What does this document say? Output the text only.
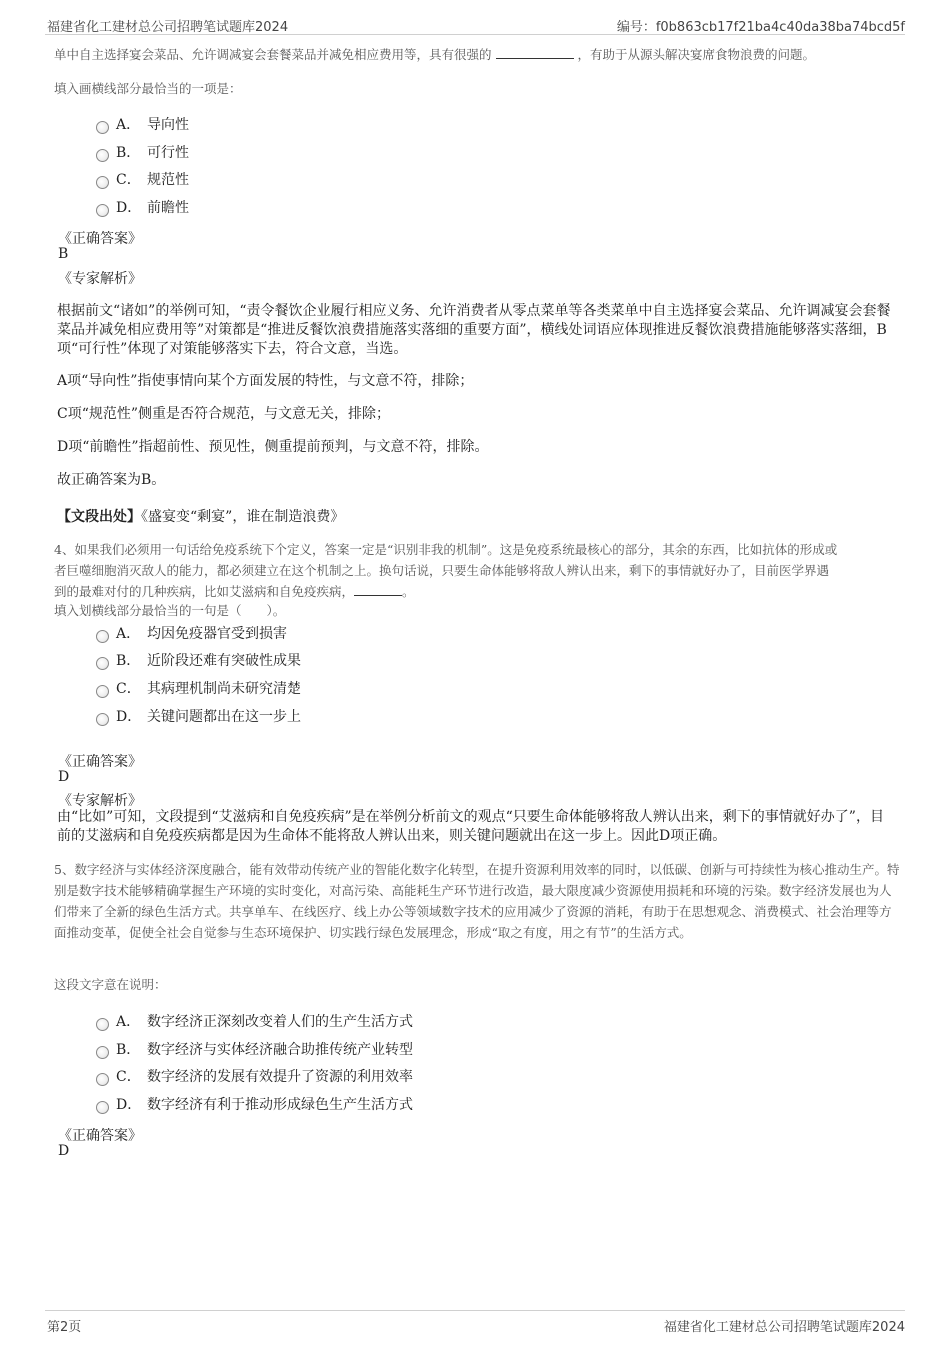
福建省化工建材总公司招聘笔试题库2024	编号：f0b863cb17f21ba4c40da38ba74bcd5f
单中自主选择宴会菜品、允许调减宴会套餐菜品并减免相应费用等，具有很强的	，有助于从源头解决宴席食物浪费的问题。
填入画横线部分最恰当的一项是：
A． 导向性
B． 可行性
C． 规范性
D． 前瞻性
《正确答案》
B
《专家解析》
根据前文“诸如”的举例可知，“责令餐饮企业履行相应义务、允许消费者从零点菜单等各类菜单中自主选择宴会菜品、允许调减宴会套餐菜品并减免相应费用等”对策都是“推进反餐饮浪费措施落实落细的重要方面”，横线处词语应体现推进反餐饮浪费措施能够落实落细，B项“可行性”体现了对策能够落实下去，符合文意，当选。
A项“导向性”指使事情向某个方面发展的特性，与文意不符，排除；
C项“规范性”侧重是否符合规范，与文意无关，排除；
D项“前瞻性”指超前性、预见性，侧重提前预判，与文意不符，排除。
故正确答案为B。
【文段出处】《盛宴变“剩宴”，谁在制造浪费》
4、如果我们必须用一句话给免疫系统下个定义，答案一定是“识别非我的机制”。这是免疫系统最核心的部分，其余的东西，比如抗体的形成或
者巨噬细胞消灭敌人的能力，都必须建立在这个机制之上。换句话说，只要生命体能够将敌人辨认出来，剩下的事情就好办了，目前医学界遇
到的最难对付的几种疾病，比如艾滋病和自免疫疾病，	。
填入划横线部分最恰当的一句是（　　）。
A． 均因免疫器官受到损害
B． 近阶段还难有突破性成果
C． 其病理机制尚未研究清楚
D． 关键问题都出在这一步上
《正确答案》
D
《专家解析》
由“比如”可知，文段提到“艾滋病和自免疫疾病”是在举例分析前文的观点“只要生命体能够将敌人辨认出来，剩下的事情就好办了”，目前的艾滋病和自免疫疾病都是因为生命体不能将敌人辨认出来，则关键问题就出在这一步上。因此D项正确。
5、数字经济与实体经济深度融合，能有效带动传统产业的智能化数字化转型，在提升资源利用效率的同时，以低碳、创新与可持续性为核心推动生产。特别是数字技术能够精确掌握生产环境的实时变化，对高污染、高能耗生产环节进行改造，最大限度减少资源使用损耗和环境的污染。数字经济发展也为人们带来了全新的绿色生活方式。共享单车、在线医疗、线上办公等领域数字技术的应用减少了资源的消耗，有助于在思想观念、消费模式、社会治理等方面推动变革，促使全社会自觉参与生态环境保护、切实践行绿色发展理念，形成“取之有度，用之有节”的生活方式。
这段文字意在说明：
A． 数字经济正深刻改变着人们的生产生活方式
B． 数字经济与实体经济融合助推传统产业转型
C． 数字经济的发展有效提升了资源的利用效率
D． 数字经济有利于推动形成绿色生产生活方式
《正确答案》
D
第2页	福建省化工建材总公司招聘笔试题库2024
